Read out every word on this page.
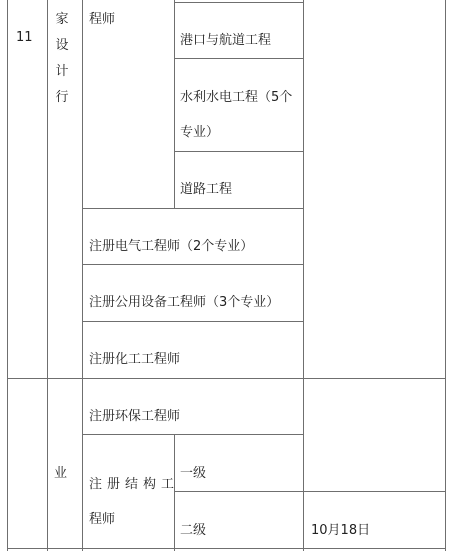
11
家
设
计
行
业
程师
港口与航道工程
水利水电工程（5个
专业）
道路工程
注册电气工程师（2个专业）
注册公用设备工程师（3个专业）
注册化工工程师
注册环保工程师
注册结构工
程师
一级
二级	10月18日
